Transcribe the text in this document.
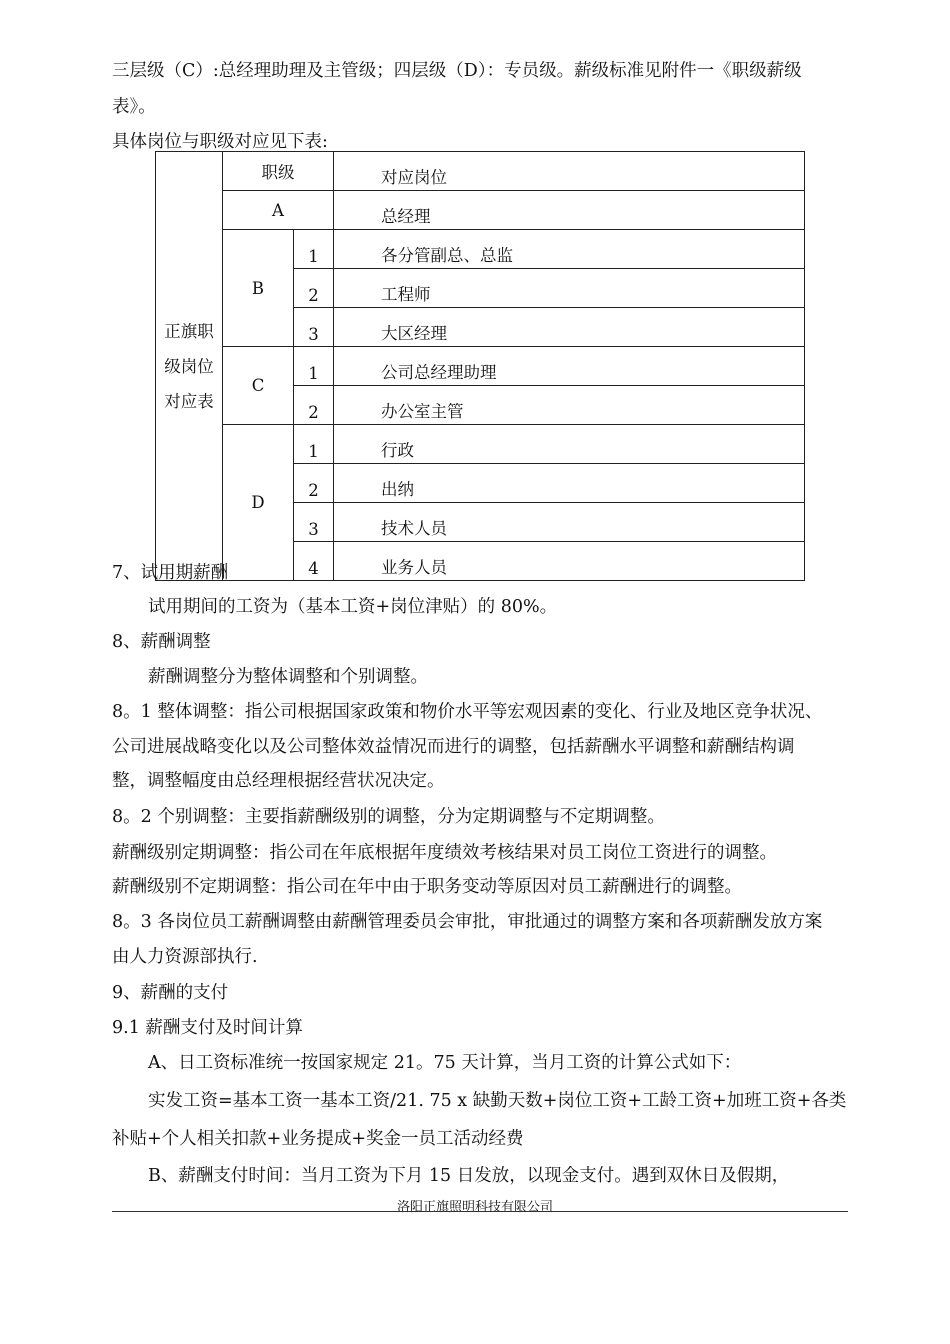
三层级（C）:总经理助理及主管级；四层级（D）：专员级。薪级标准见附件一《职级薪级
表》。
具体岗位与职级对应见下表:
正旗职
级岗位
对应表	职级		对应岗位
	A		总经理
	B	1	各分管副总、总监
		2	工程师
		3	大区经理
	C	1	公司总经理助理
		2	办公室主管
	D	1	行政
		2	出纳
		3	技术人员
		4	业务人员
7、试用期薪酬
试用期间的工资为（基本工资+岗位津贴）的 80%。
8、薪酬调整
薪酬调整分为整体调整和个别调整。
8。1 整体调整：指公司根据国家政策和物价水平等宏观因素的变化、行业及地区竞争状况、
公司进展战略变化以及公司整体效益情况而进行的调整，包括薪酬水平调整和薪酬结构调
整，调整幅度由总经理根据经营状况决定。
8。2 个别调整：主要指薪酬级别的调整，分为定期调整与不定期调整。
薪酬级别定期调整：指公司在年底根据年度绩效考核结果对员工岗位工资进行的调整。
薪酬级别不定期调整：指公司在年中由于职务变动等原因对员工薪酬进行的调整。
8。3 各岗位员工薪酬调整由薪酬管理委员会审批，审批通过的调整方案和各项薪酬发放方案
由人力资源部执行.
9、薪酬的支付
9.1 薪酬支付及时间计算
A、日工资标准统一按国家规定 21。75 天计算，当月工资的计算公式如下：
实发工资=基本工资一基本工资/21. 75 x 缺勤天数+岗位工资+工龄工资+加班工资+各类
补贴+个人相关扣款+业务提成+奖金一员工活动经费
B、薪酬支付时间：当月工资为下月 15 日发放，以现金支付。遇到双休日及假期，
洛阳正旗照明科技有限公司
